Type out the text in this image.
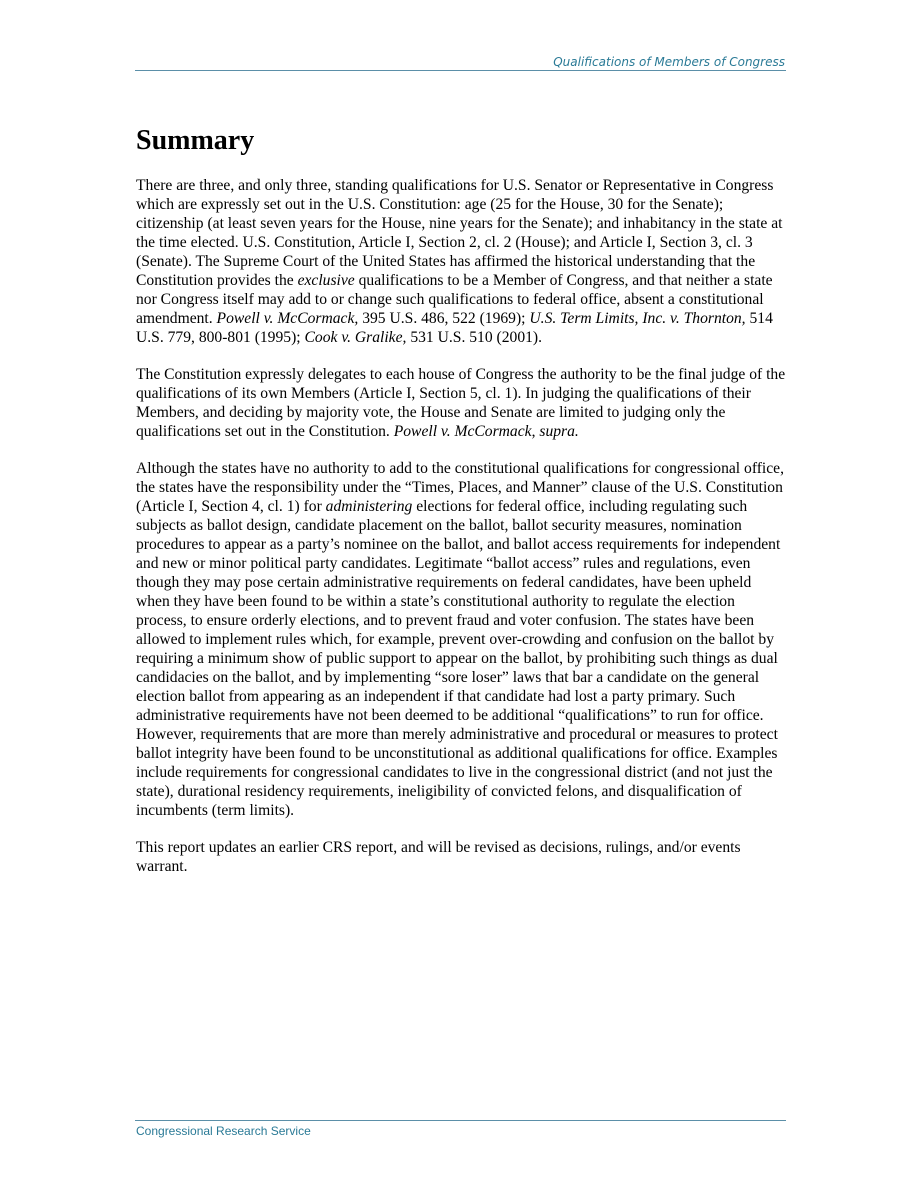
Qualifications of Members of Congress
Summary

There are three, and only three, standing qualifications for U.S. Senator or Representative in Congress which are expressly set out in the U.S. Constitution: age (25 for the House, 30 for the Senate); citizenship (at least seven years for the House, nine years for the Senate); and inhabitancy in the state at the time elected. U.S. Constitution, Article I, Section 2, cl. 2 (House); and Article I, Section 3, cl. 3 (Senate). The Supreme Court of the United States has affirmed the historical understanding that the Constitution provides the exclusive qualifications to be a Member of Congress, and that neither a state nor Congress itself may add to or change such qualifications to federal office, absent a constitutional amendment. Powell v. McCormack, 395 U.S. 486, 522 (1969); U.S. Term Limits, Inc. v. Thornton, 514 U.S. 779, 800-801 (1995); Cook v. Gralike, 531 U.S. 510 (2001).

The Constitution expressly delegates to each house of Congress the authority to be the final judge of the qualifications of its own Members (Article I, Section 5, cl. 1). In judging the qualifications of their Members, and deciding by majority vote, the House and Senate are limited to judging only the qualifications set out in the Constitution. Powell v. McCormack, supra.

Although the states have no authority to add to the constitutional qualifications for congressional office, the states have the responsibility under the “Times, Places, and Manner” clause of the U.S. Constitution (Article I, Section 4, cl. 1) for administering elections for federal office, including regulating such subjects as ballot design, candidate placement on the ballot, ballot security measures, nomination procedures to appear as a party’s nominee on the ballot, and ballot access requirements for independent and new or minor political party candidates. Legitimate “ballot access” rules and regulations, even though they may pose certain administrative requirements on federal candidates, have been upheld when they have been found to be within a state’s constitutional authority to regulate the election process, to ensure orderly elections, and to prevent fraud and voter confusion. The states have been allowed to implement rules which, for example, prevent over-crowding and confusion on the ballot by requiring a minimum show of public support to appear on the ballot, by prohibiting such things as dual candidacies on the ballot, and by implementing “sore loser” laws that bar a candidate on the general election ballot from appearing as an independent if that candidate had lost a party primary. Such administrative requirements have not been deemed to be additional “qualifications” to run for office. However, requirements that are more than merely administrative and procedural or measures to protect ballot integrity have been found to be unconstitutional as additional qualifications for office. Examples include requirements for congressional candidates to live in the congressional district (and not just the state), durational residency requirements, ineligibility of convicted felons, and disqualification of incumbents (term limits).

This report updates an earlier CRS report, and will be revised as decisions, rulings, and/or events warrant.

Congressional Research Service
